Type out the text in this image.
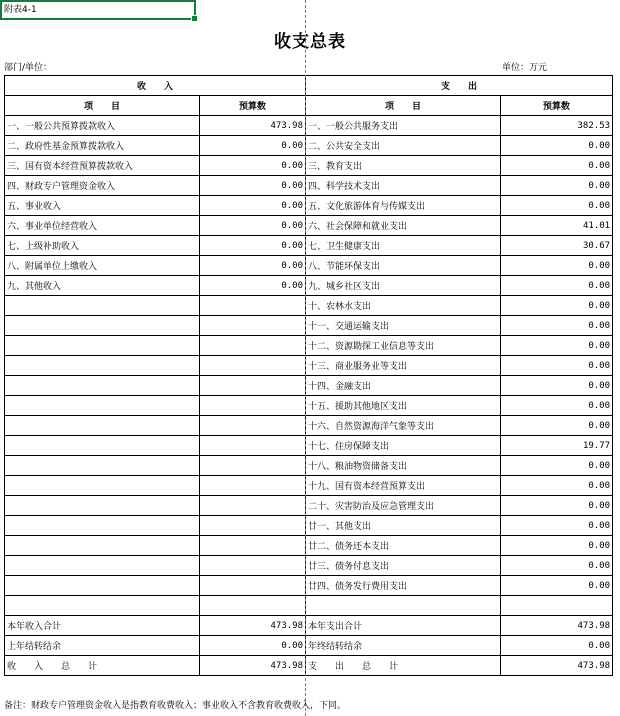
附表4-1
收支总表
部门/单位：	单位：万元
收　　入		支　　出	
项　　目	预算数	项　　目	预算数
一、一般公共预算拨款收入	473.98	一、一般公共服务支出	382.53
二、政府性基金预算拨款收入	0.00	二、公共安全支出	0.00
三、国有资本经营预算拨款收入	0.00	三、教育支出	0.00
四、财政专户管理资金收入	0.00	四、科学技术支出	0.00
五、事业收入	0.00	五、文化旅游体育与传媒支出	0.00
六、事业单位经营收入	0.00	六、社会保障和就业支出	41.01
七、上级补助收入	0.00	七、卫生健康支出	30.67
八、附属单位上缴收入	0.00	八、节能环保支出	0.00
九、其他收入	0.00	九、城乡社区支出	0.00
		十、农林水支出	0.00
		十一、交通运输支出	0.00
		十二、资源勘探工业信息等支出	0.00
		十三、商业服务业等支出	0.00
		十四、金融支出	0.00
		十五、援助其他地区支出	0.00
		十六、自然资源海洋气象等支出	0.00
		十七、住房保障支出	19.77
		十八、粮油物资储备支出	0.00
		十九、国有资本经营预算支出	0.00
		二十、灾害防治及应急管理支出	0.00
		廿一、其他支出	0.00
		廿二、债务还本支出	0.00
		廿三、债务付息支出	0.00
		廿四、债务发行费用支出	0.00

本年收入合计	473.98	本年支出合计	473.98
上年结转结余	0.00	年终结转结余	0.00
收　　入　　总　　计	473.98	支　　出　　总　　计	473.98
备注：财政专户管理资金收入是指教育收费收入；事业收入不含教育收费收入，下同。
